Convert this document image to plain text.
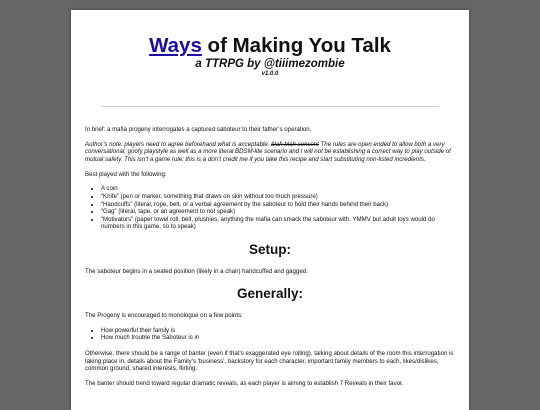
Ways of Making You Talk
a TTRPG by @tiiimezombie
v1.0.0

In brief: a mafia progeny interrogates a captured saboteur to their father’s operation.

Author’s note: players need to agree beforehand what is acceptable. blah blah consent The rules are open ended to allow both a very conversational, goofy playstyle as well as a more literal BDSM-lite scenario and I will not be establishing a correct way to play outside of mutual safety. This isn’t a game rule; this is a don’t credit me if you take this recipe and start substituting non-listed incredients.

Best played with the following:

• A coin
• “Knife” (pen or marker, something that draws on skin without too much pressure)
• “Handcuffs” (literal, rope, belt, or a verbal agreement by the saboteur to hold their hands behind their back)
• “Gag” (literal, tape, or an agreement to not speak)
• “Motivators” (paper towel roll, belt, plushies, anything the mafia can smack the saboteur with. YMMV but adult toys would do numbers in this game, so to speak)
Setup:

The saboteur begins in a seated position (likely in a chair) handcuffed and gagged.

Generally:

The Progeny is encouraged to monologue on a few points:

• How powerful their family is
• How much trouble the Saboteur is in

Otherwise, there should be a range of banter (even if that’s exaggerated eye rolling), talking about details of the room this interrogation is taking place in, details about the Family’s ‘business’, backstory for each character, important family members to each, likes/dislikes, common ground, shared interests, flirting.

The banter should trend toward regular dramatic reveals, as each player is aiming to establish 7 Reveals in their favor.
